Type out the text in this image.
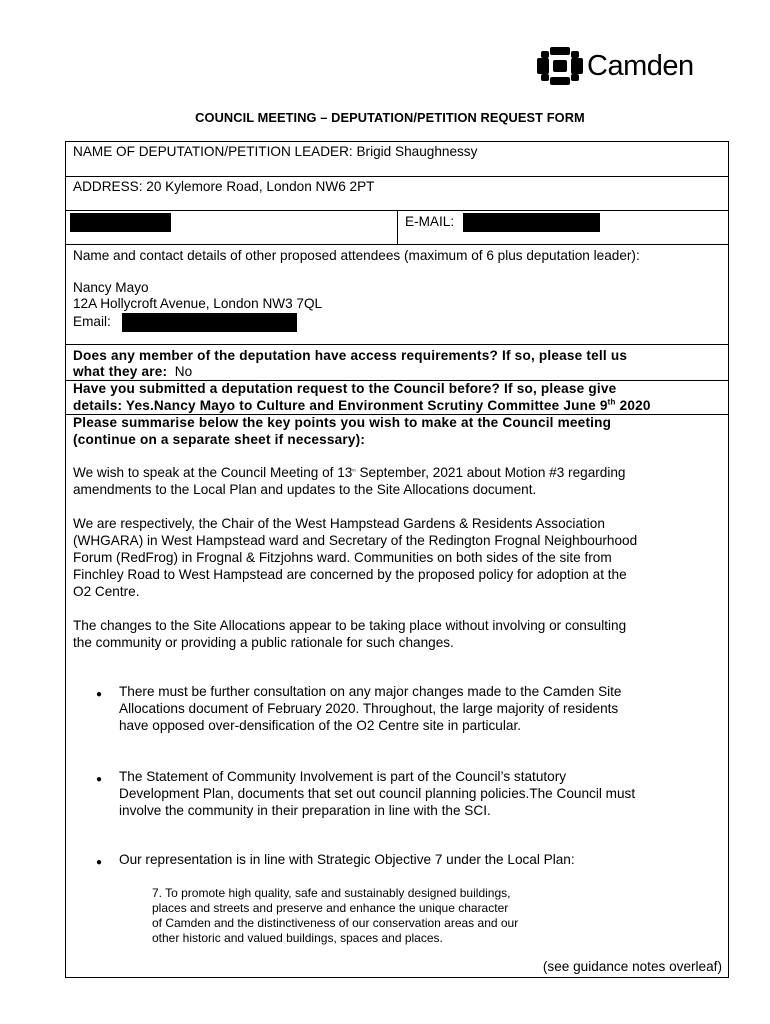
Camden
COUNCIL MEETING – DEPUTATION/PETITION REQUEST FORM
NAME OF DEPUTATION/PETITION LEADER: Brigid Shaughnessy
ADDRESS: 20 Kylemore Road, London NW6 2PT
E-MAIL:
Name and contact details of other proposed attendees (maximum of 6 plus deputation leader):
Nancy Mayo
12A Hollycroft Avenue, London NW3 7QL
Email:
Does any member of the deputation have access requirements? If so, please tell us
what they are: No
Have you submitted a deputation request to the Council before? If so, please give
details: Yes.Nancy Mayo to Culture and Environment Scrutiny Committee June 9th 2020
Please summarise below the key points you wish to make at the Council meeting
(continue on a separate sheet if necessary):
We wish to speak at the Council Meeting of 13th September, 2021 about Motion #3 regarding
amendments to the Local Plan and updates to the Site Allocations document.
We are respectively, the Chair of the West Hampstead Gardens & Residents Association
(WHGARA) in West Hampstead ward and Secretary of the Redington Frognal Neighbourhood
Forum (RedFrog) in Frognal & Fitzjohns ward. Communities on both sides of the site from
Finchley Road to West Hampstead are concerned by the proposed policy for adoption at the
O2 Centre.
The changes to the Site Allocations appear to be taking place without involving or consulting
the community or providing a public rationale for such changes.
● There must be further consultation on any major changes made to the Camden Site
Allocations document of February 2020. Throughout, the large majority of residents
have opposed over-densification of the O2 Centre site in particular.
● The Statement of Community Involvement is part of the Council’s statutory
Development Plan, documents that set out council planning policies.The Council must
involve the community in their preparation in line with the SCI.
● Our representation is in line with Strategic Objective 7 under the Local Plan:
7. To promote high quality, safe and sustainably designed buildings,
places and streets and preserve and enhance the unique character
of Camden and the distinctiveness of our conservation areas and our
other historic and valued buildings, spaces and places.
(see guidance notes overleaf)
